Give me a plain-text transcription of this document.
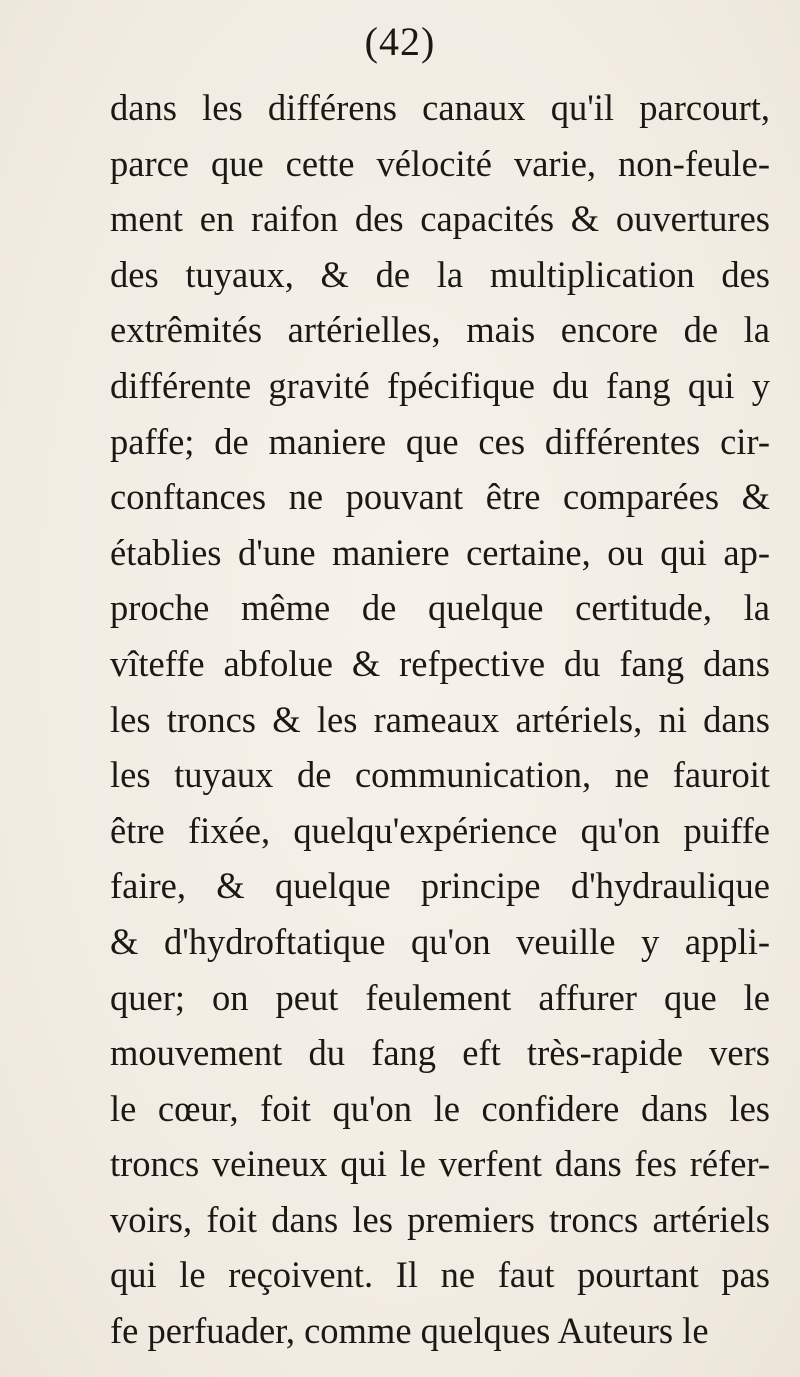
(42)
dans les différens canaux qu'il parcourt,
parce que cette vélocité varie, non-feule-
ment en raifon des capacités & ouvertures
des tuyaux, & de la multiplication des
extrêmités artérielles, mais encore de la
différente gravité fpécifique du fang qui y
paffe; de maniere que ces différentes cir-
conftances ne pouvant être comparées &
établies d'une maniere certaine, ou qui ap-
proche même de quelque certitude, la
vîteffe abfolue & refpective du fang dans
les troncs & les rameaux artériels, ni dans
les tuyaux de communication, ne fauroit
être fixée, quelqu'expérience qu'on puiffe
faire, & quelque principe d'hydraulique
& d'hydroftatique qu'on veuille y appli-
quer; on peut feulement affurer que le
mouvement du fang eft très-rapide vers
le cœur, foit qu'on le confidere dans les
troncs veineux qui le verfent dans fes réfer-
voirs, foit dans les premiers troncs artériels
qui le reçoivent. Il ne faut pourtant pas
fe perfuader, comme quelques Auteurs le
